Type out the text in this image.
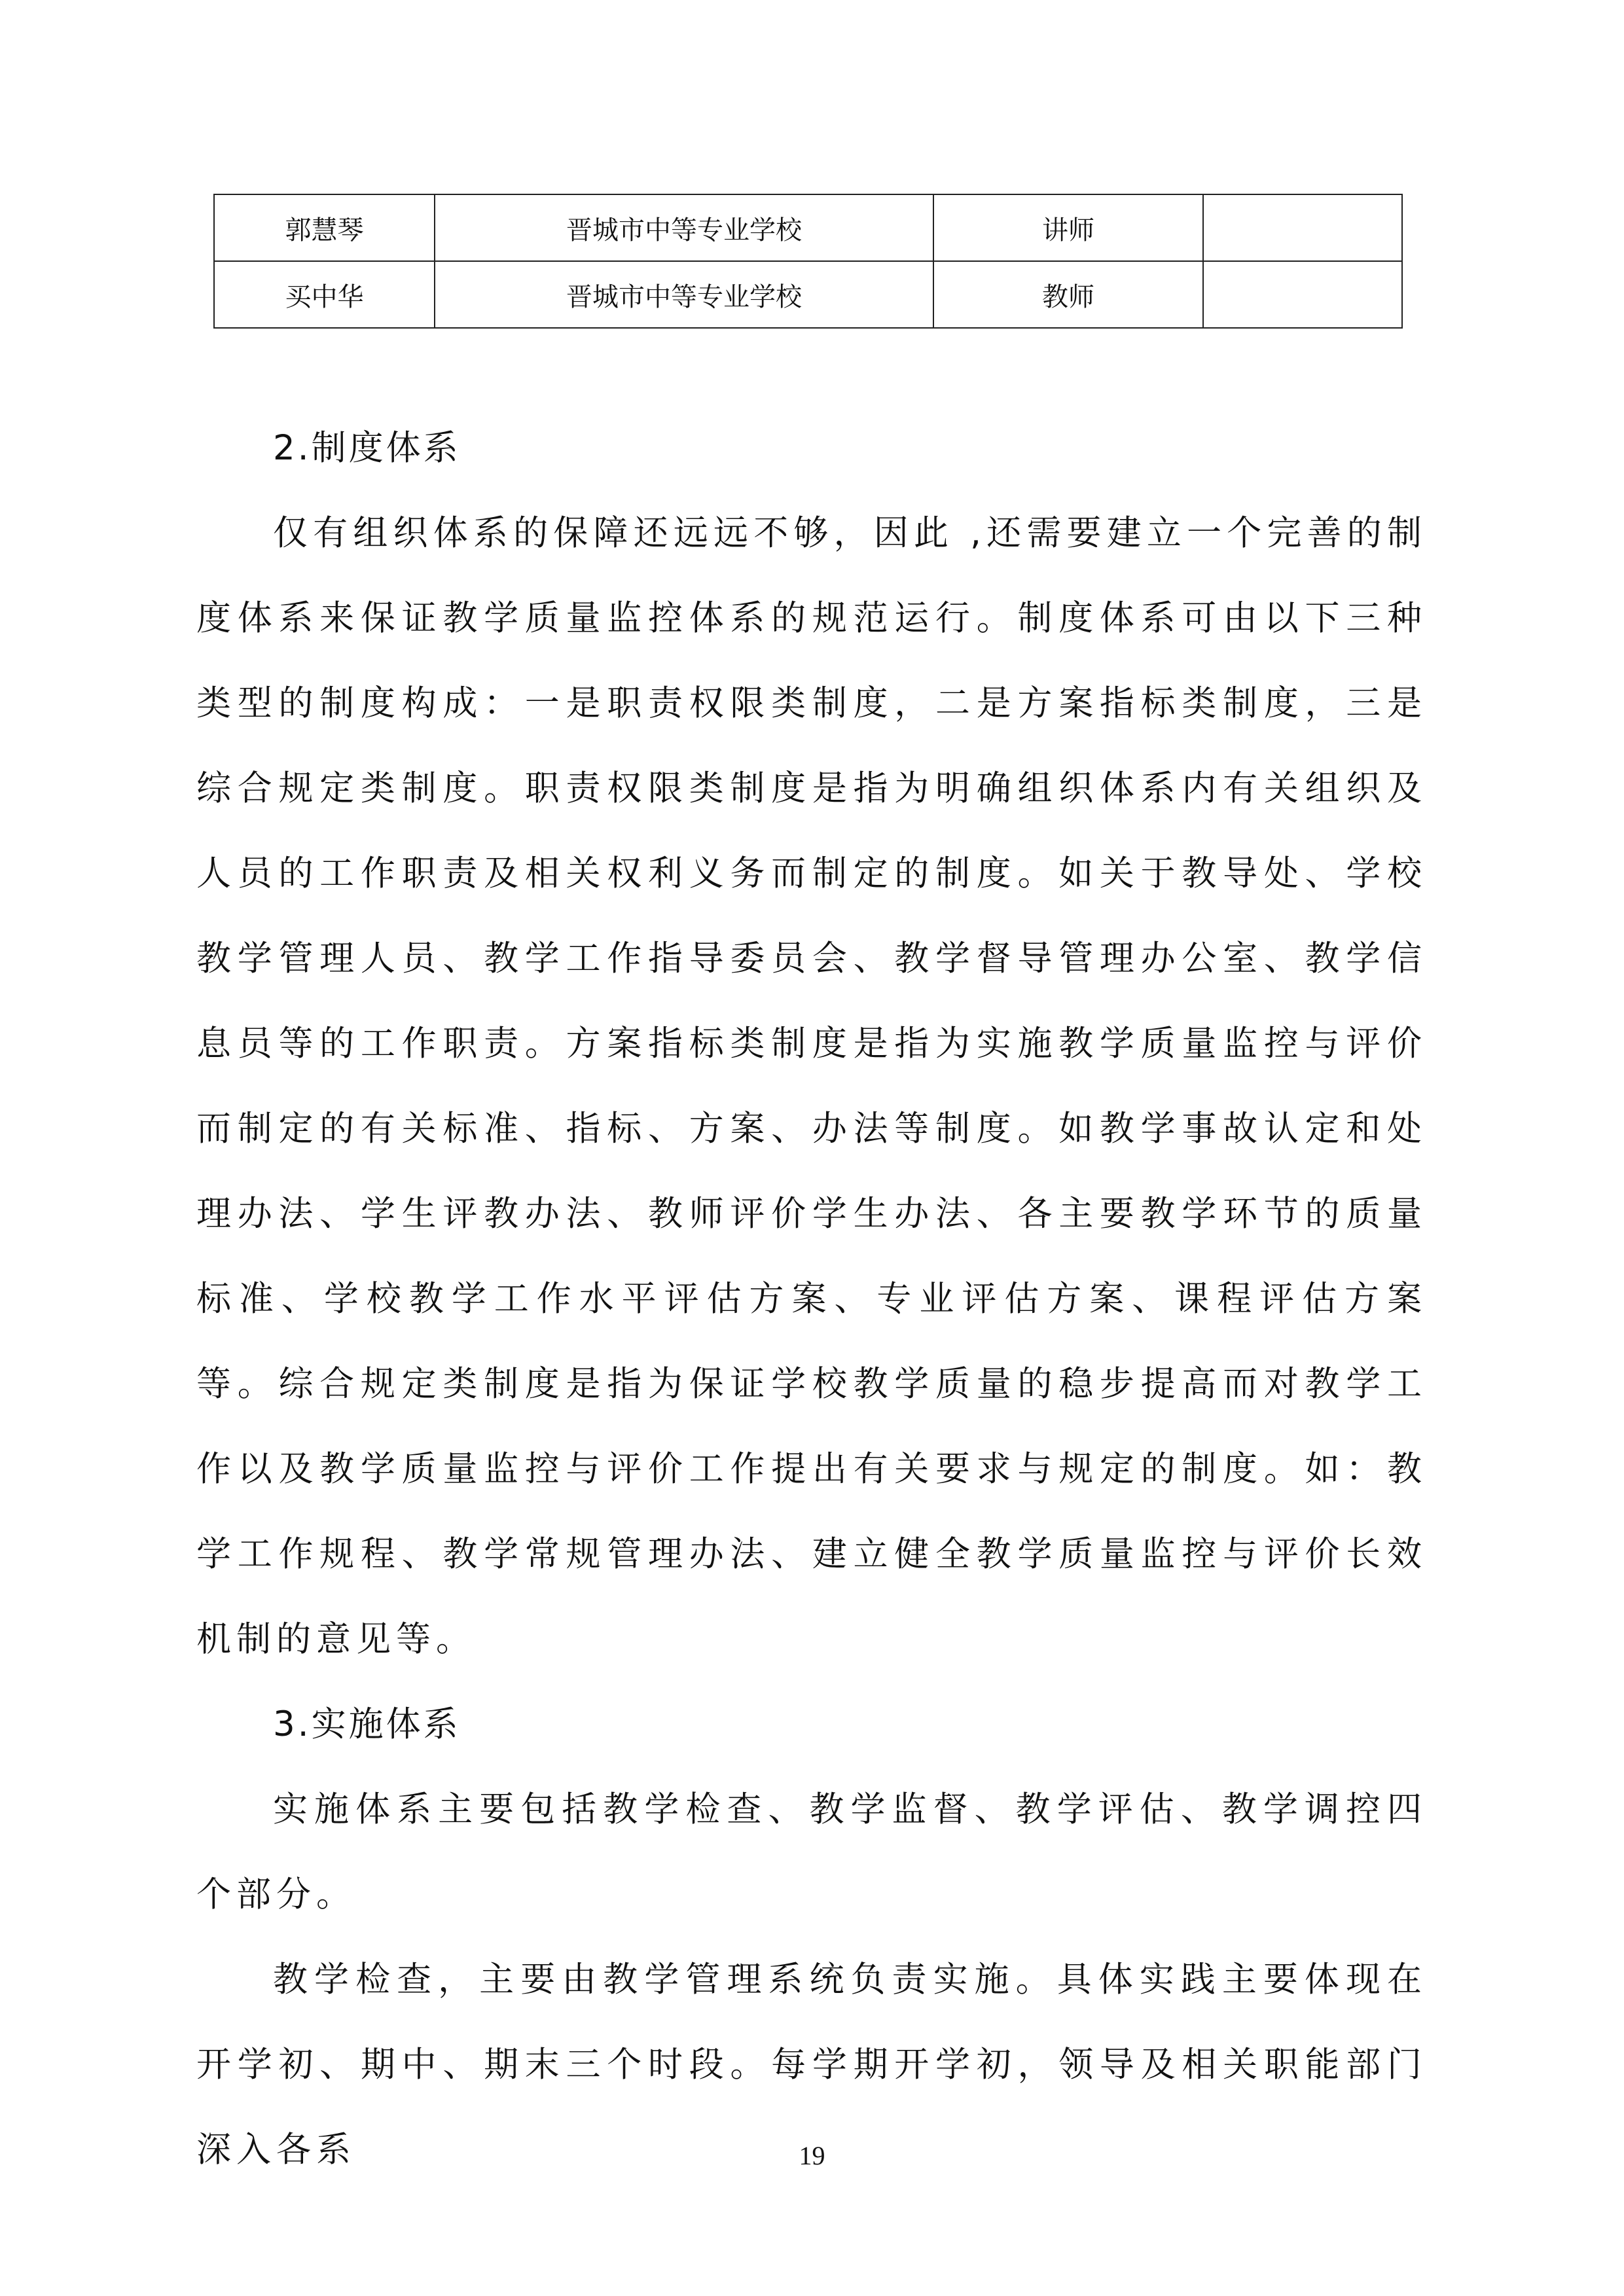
郭慧琴	晋城市中等专业学校	讲师	
买中华	晋城市中等专业学校	教师	

2.制度体系

仅有组织体系的保障还远远不够，因此 ,还需要建立一个完善的制度体系来保证教学质量监控体系的规范运行。制度体系可由以下三种类型的制度构成：一是职责权限类制度，二是方案指标类制度，三是综合规定类制度。职责权限类制度是指为明确组织体系内有关组织及人员的工作职责及相关权利义务而制定的制度。如关于教导处、学校教学管理人员、教学工作指导委员会、教学督导管理办公室、教学信息员等的工作职责。方案指标类制度是指为实施教学质量监控与评价而制定的有关标准、指标、方案、办法等制度。如教学事故认定和处理办法、学生评教办法、教师评价学生办法、各主要教学环节的质量标准、学校教学工作水平评估方案、专业评估方案、课程评估方案等。综合规定类制度是指为保证学校教学质量的稳步提高而对教学工作以及教学质量监控与评价工作提出有关要求与规定的制度。如：教学工作规程、教学常规管理办法、建立健全教学质量监控与评价长效机制的意见等。

3.实施体系

实施体系主要包括教学检查、教学监督、教学评估、教学调控四个部分。

教学检查，主要由教学管理系统负责实施。具体实践主要体现在开学初、期中、期末三个时段。每学期开学初，领导及相关职能部门深入各系	19
